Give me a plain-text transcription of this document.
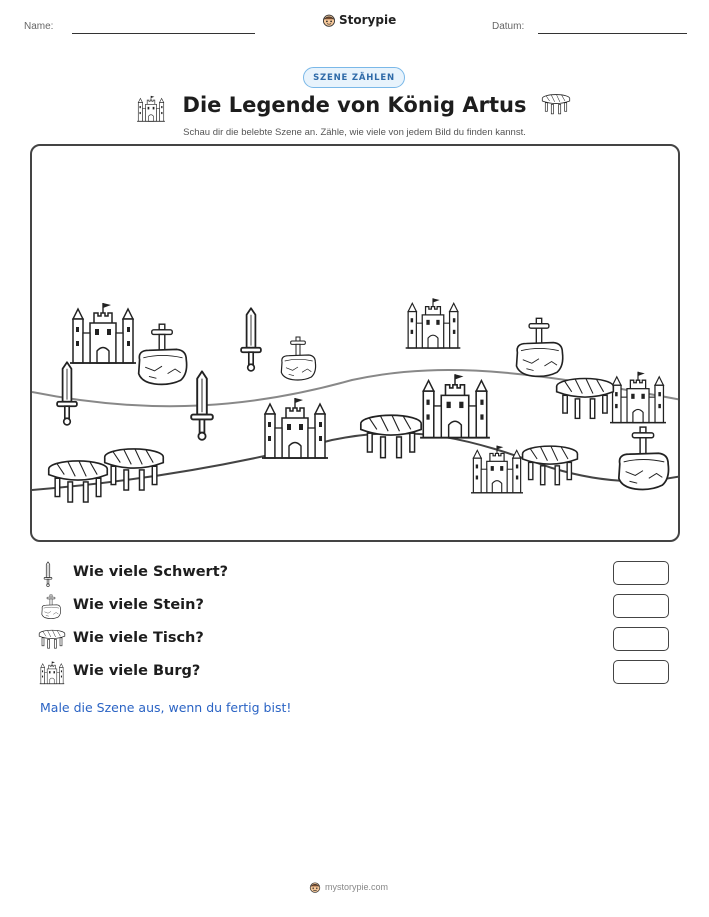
Name:	Storypie	Datum:
SZENE ZÄHLEN
Die Legende von König Artus
Schau dir die belebte Szene an. Zähle, wie viele von jedem Bild du finden kannst.
Wie viele Schwert?
Wie viele Stein?
Wie viele Tisch?
Wie viele Burg?
Male die Szene aus, wenn du fertig bist!
mystorypie.com
